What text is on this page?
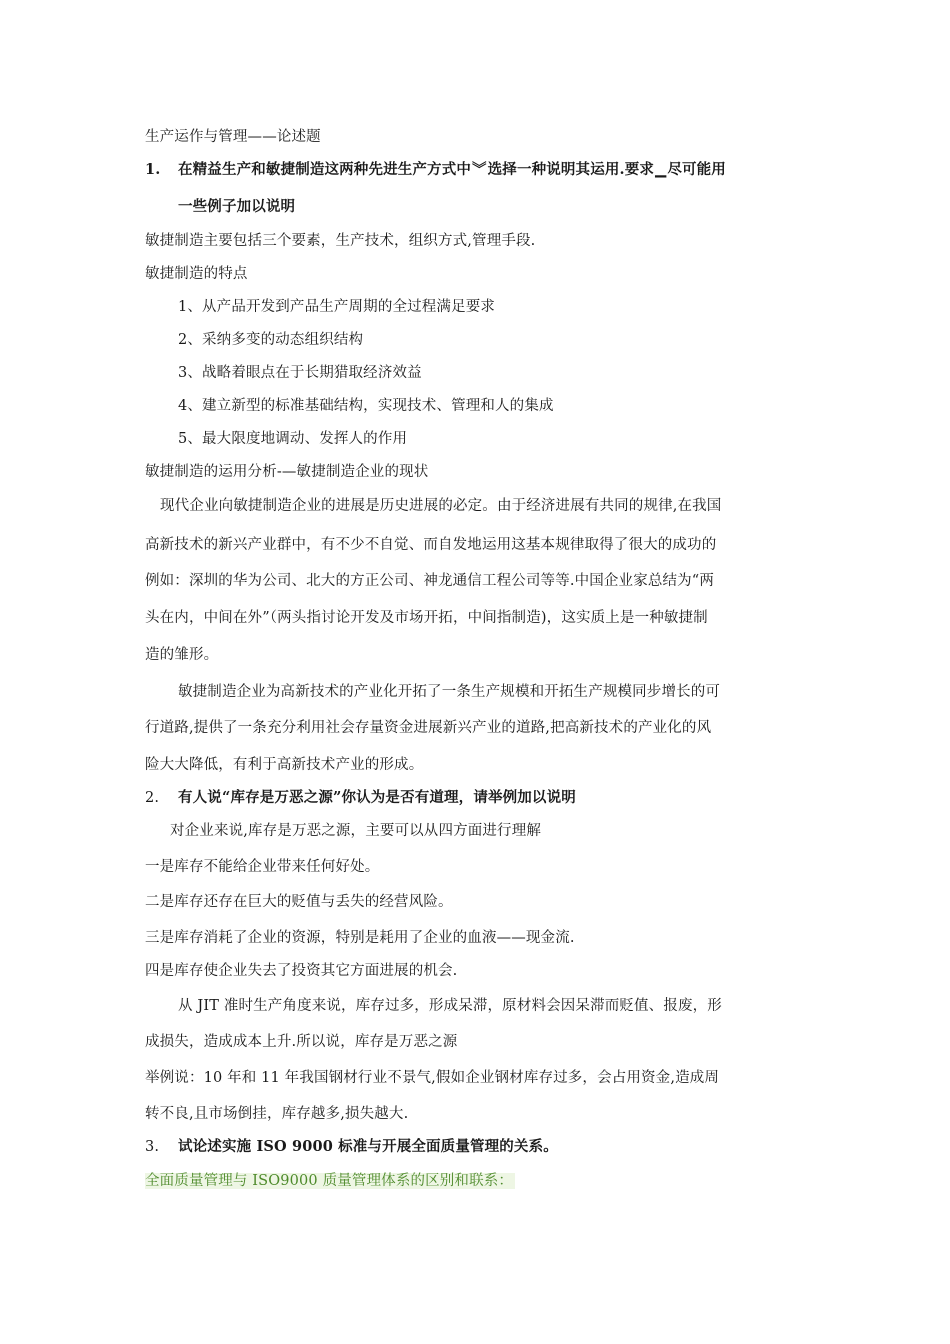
生产运作与管理——论述题
1. 在精益生产和敏捷制造这两种先进生产方式中︾选择一种说明其运用.要求▁尽可能用
一些例子加以说明
敏捷制造主要包括三个要素，生产技术，组织方式,管理手段.
敏捷制造的特点
1、从产品开发到产品生产周期的全过程满足要求
2、采纳多变的动态组织结构
3、战略着眼点在于长期猎取经济效益
4、建立新型的标准基础结构，实现技术、管理和人的集成
5、最大限度地调动、发挥人的作用
敏捷制造的运用分析-—敏捷制造企业的现状
现代企业向敏捷制造企业的进展是历史进展的必定。由于经济进展有共同的规律,在我国
高新技术的新兴产业群中，有不少不自觉、而自发地运用这基本规律取得了很大的成功的
例如：深圳的华为公司、北大的方正公司、神龙通信工程公司等等.中国企业家总结为“两
头在内，中间在外”（两头指讨论开发及市场开拓，中间指制造)，这实质上是一种敏捷制
造的雏形。
敏捷制造企业为高新技术的产业化开拓了一条生产规模和开拓生产规模同步增长的可
行道路,提供了一条充分利用社会存量资金进展新兴产业的道路,把高新技术的产业化的风
险大大降低，有利于高新技术产业的形成。
2. 有人说“库存是万恶之源”你认为是否有道理，请举例加以说明
对企业来说,库存是万恶之源，主要可以从四方面进行理解
一是库存不能给企业带来任何好处。
二是库存还存在巨大的贬值与丢失的经营风险。
三是库存消耗了企业的资源，特别是耗用了企业的血液——现金流.
四是库存使企业失去了投资其它方面进展的机会.
从 JIT 准时生产角度来说，库存过多，形成呆滞，原材料会因呆滞而贬值、报废，形
成损失，造成成本上升.所以说，库存是万恶之源
举例说：10 年和 11 年我国钢材行业不景气,假如企业钢材库存过多，会占用资金,造成周
转不良,且市场倒挂，库存越多,损失越大.
3. 试论述实施 ISO 9000 标准与开展全面质量管理的关系。
全面质量管理与 ISO9000 质量管理体系的区别和联系：
